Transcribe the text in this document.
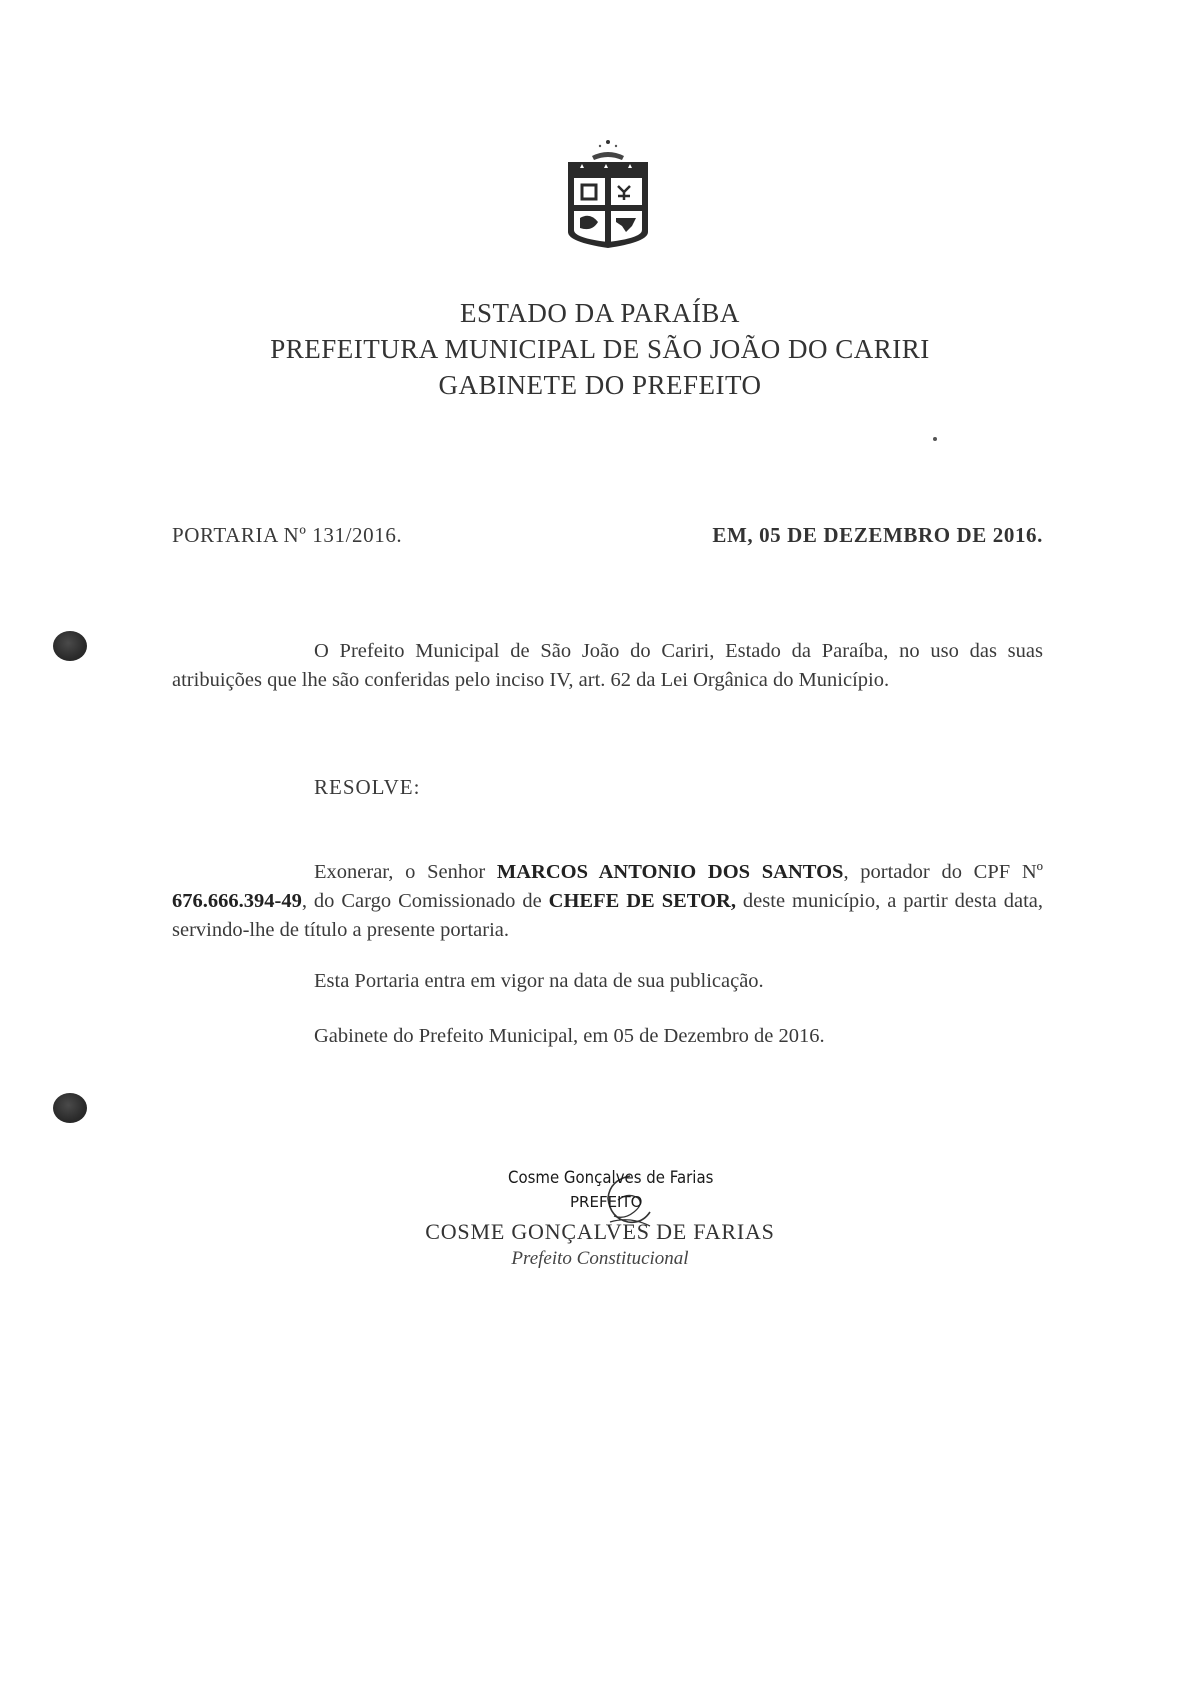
ESTADO DA PARAÍBA
PREFEITURA MUNICIPAL DE SÃO JOÃO DO CARIRI
GABINETE DO PREFEITO
PORTARIA Nº 131/2016.	EM, 05 DE DEZEMBRO DE 2016.
O Prefeito Municipal de São João do Cariri, Estado da Paraíba, no uso das suas atribuições que lhe são conferidas pelo inciso IV, art. 62 da Lei Orgânica do Município.
RESOLVE:
Exonerar, o Senhor MARCOS ANTONIO DOS SANTOS, portador do CPF Nº 676.666.394-49, do Cargo Comissionado de CHEFE DE SETOR, deste município, a partir desta data, servindo-lhe de título a presente portaria.
Esta Portaria entra em vigor na data de sua publicação.
Gabinete do Prefeito Municipal, em 05 de Dezembro de 2016.
Cosme Gonçalves de Farias
PREFEITO
COSME GONÇALVES DE FARIAS
Prefeito Constitucional
